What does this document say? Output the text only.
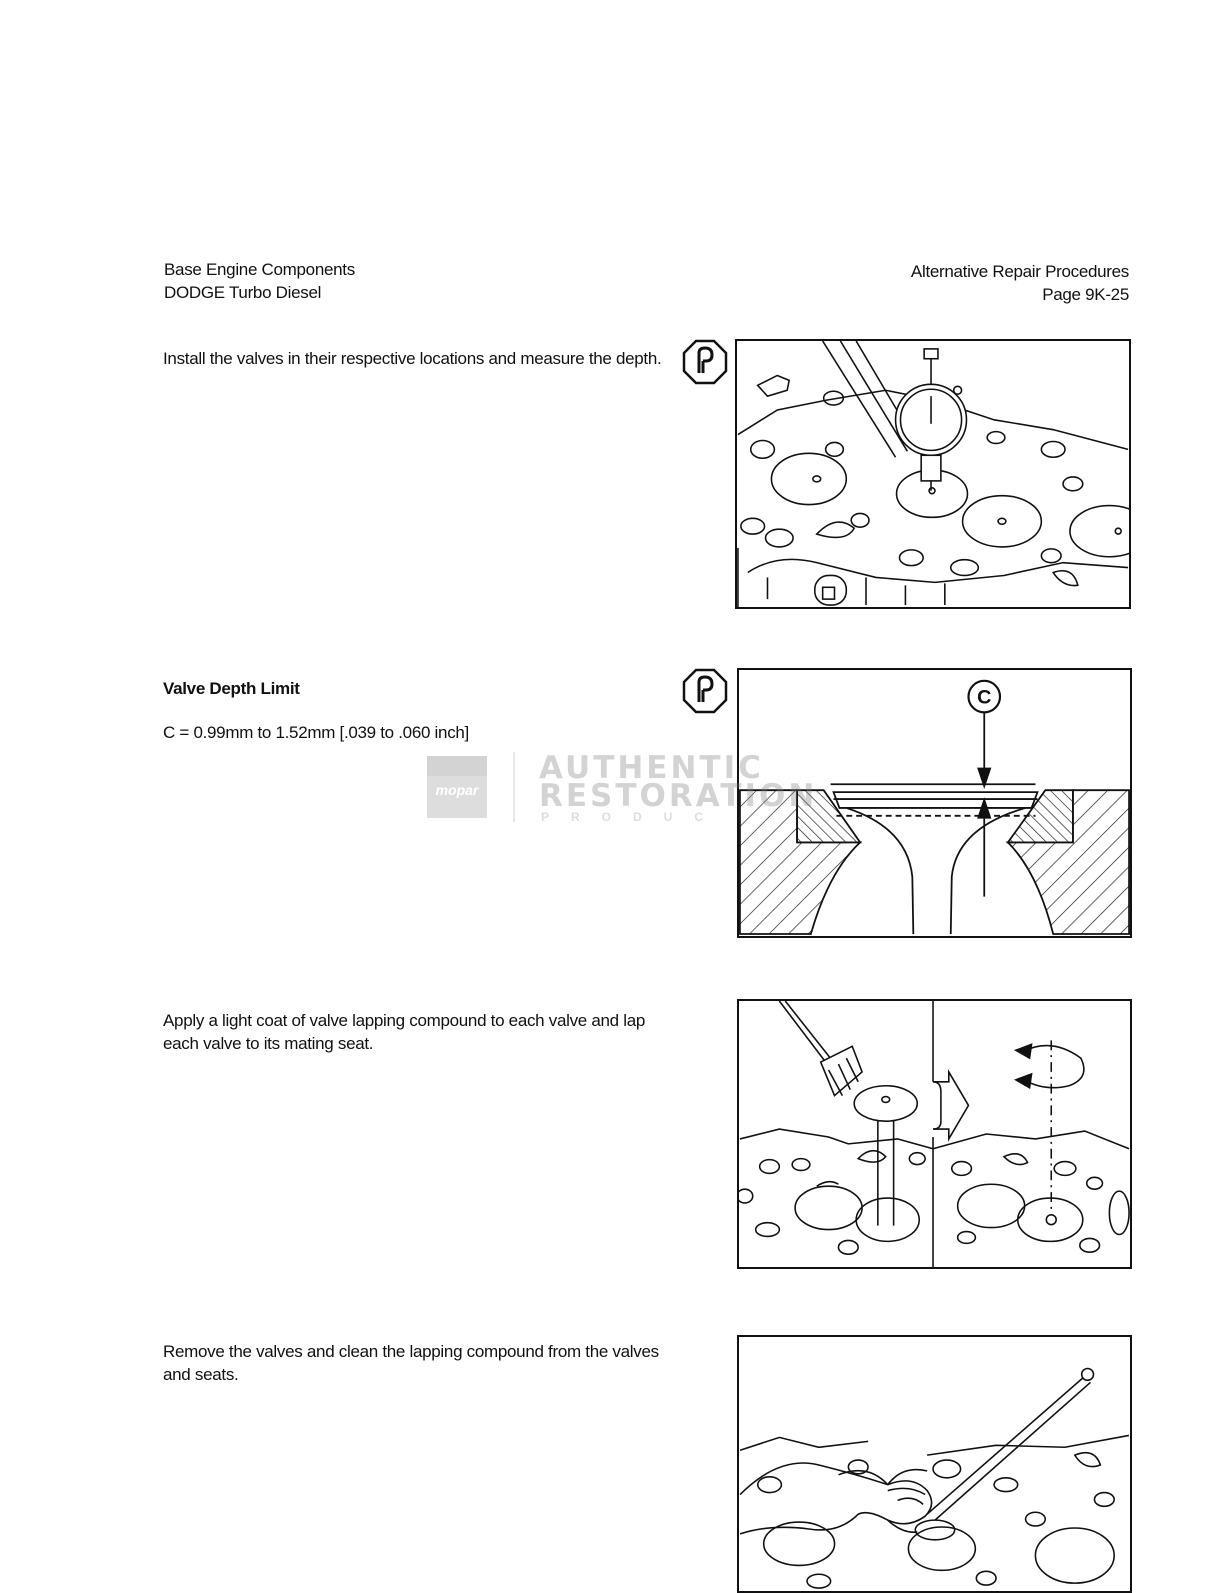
Base Engine Components
DODGE Turbo Diesel
Alternative Repair Procedures
Page 9K-25
Install the valves in their respective locations and measure the depth.
Valve Depth Limit
C = 0.99mm to 1.52mm [.039 to .060 inch]
C
mopar
AUTHENTIC
RESTORATION
PRODUC
Apply a light coat of valve lapping compound to each valve and lap each valve to its mating seat.
Remove the valves and clean the lapping compound from the valves and seats.
